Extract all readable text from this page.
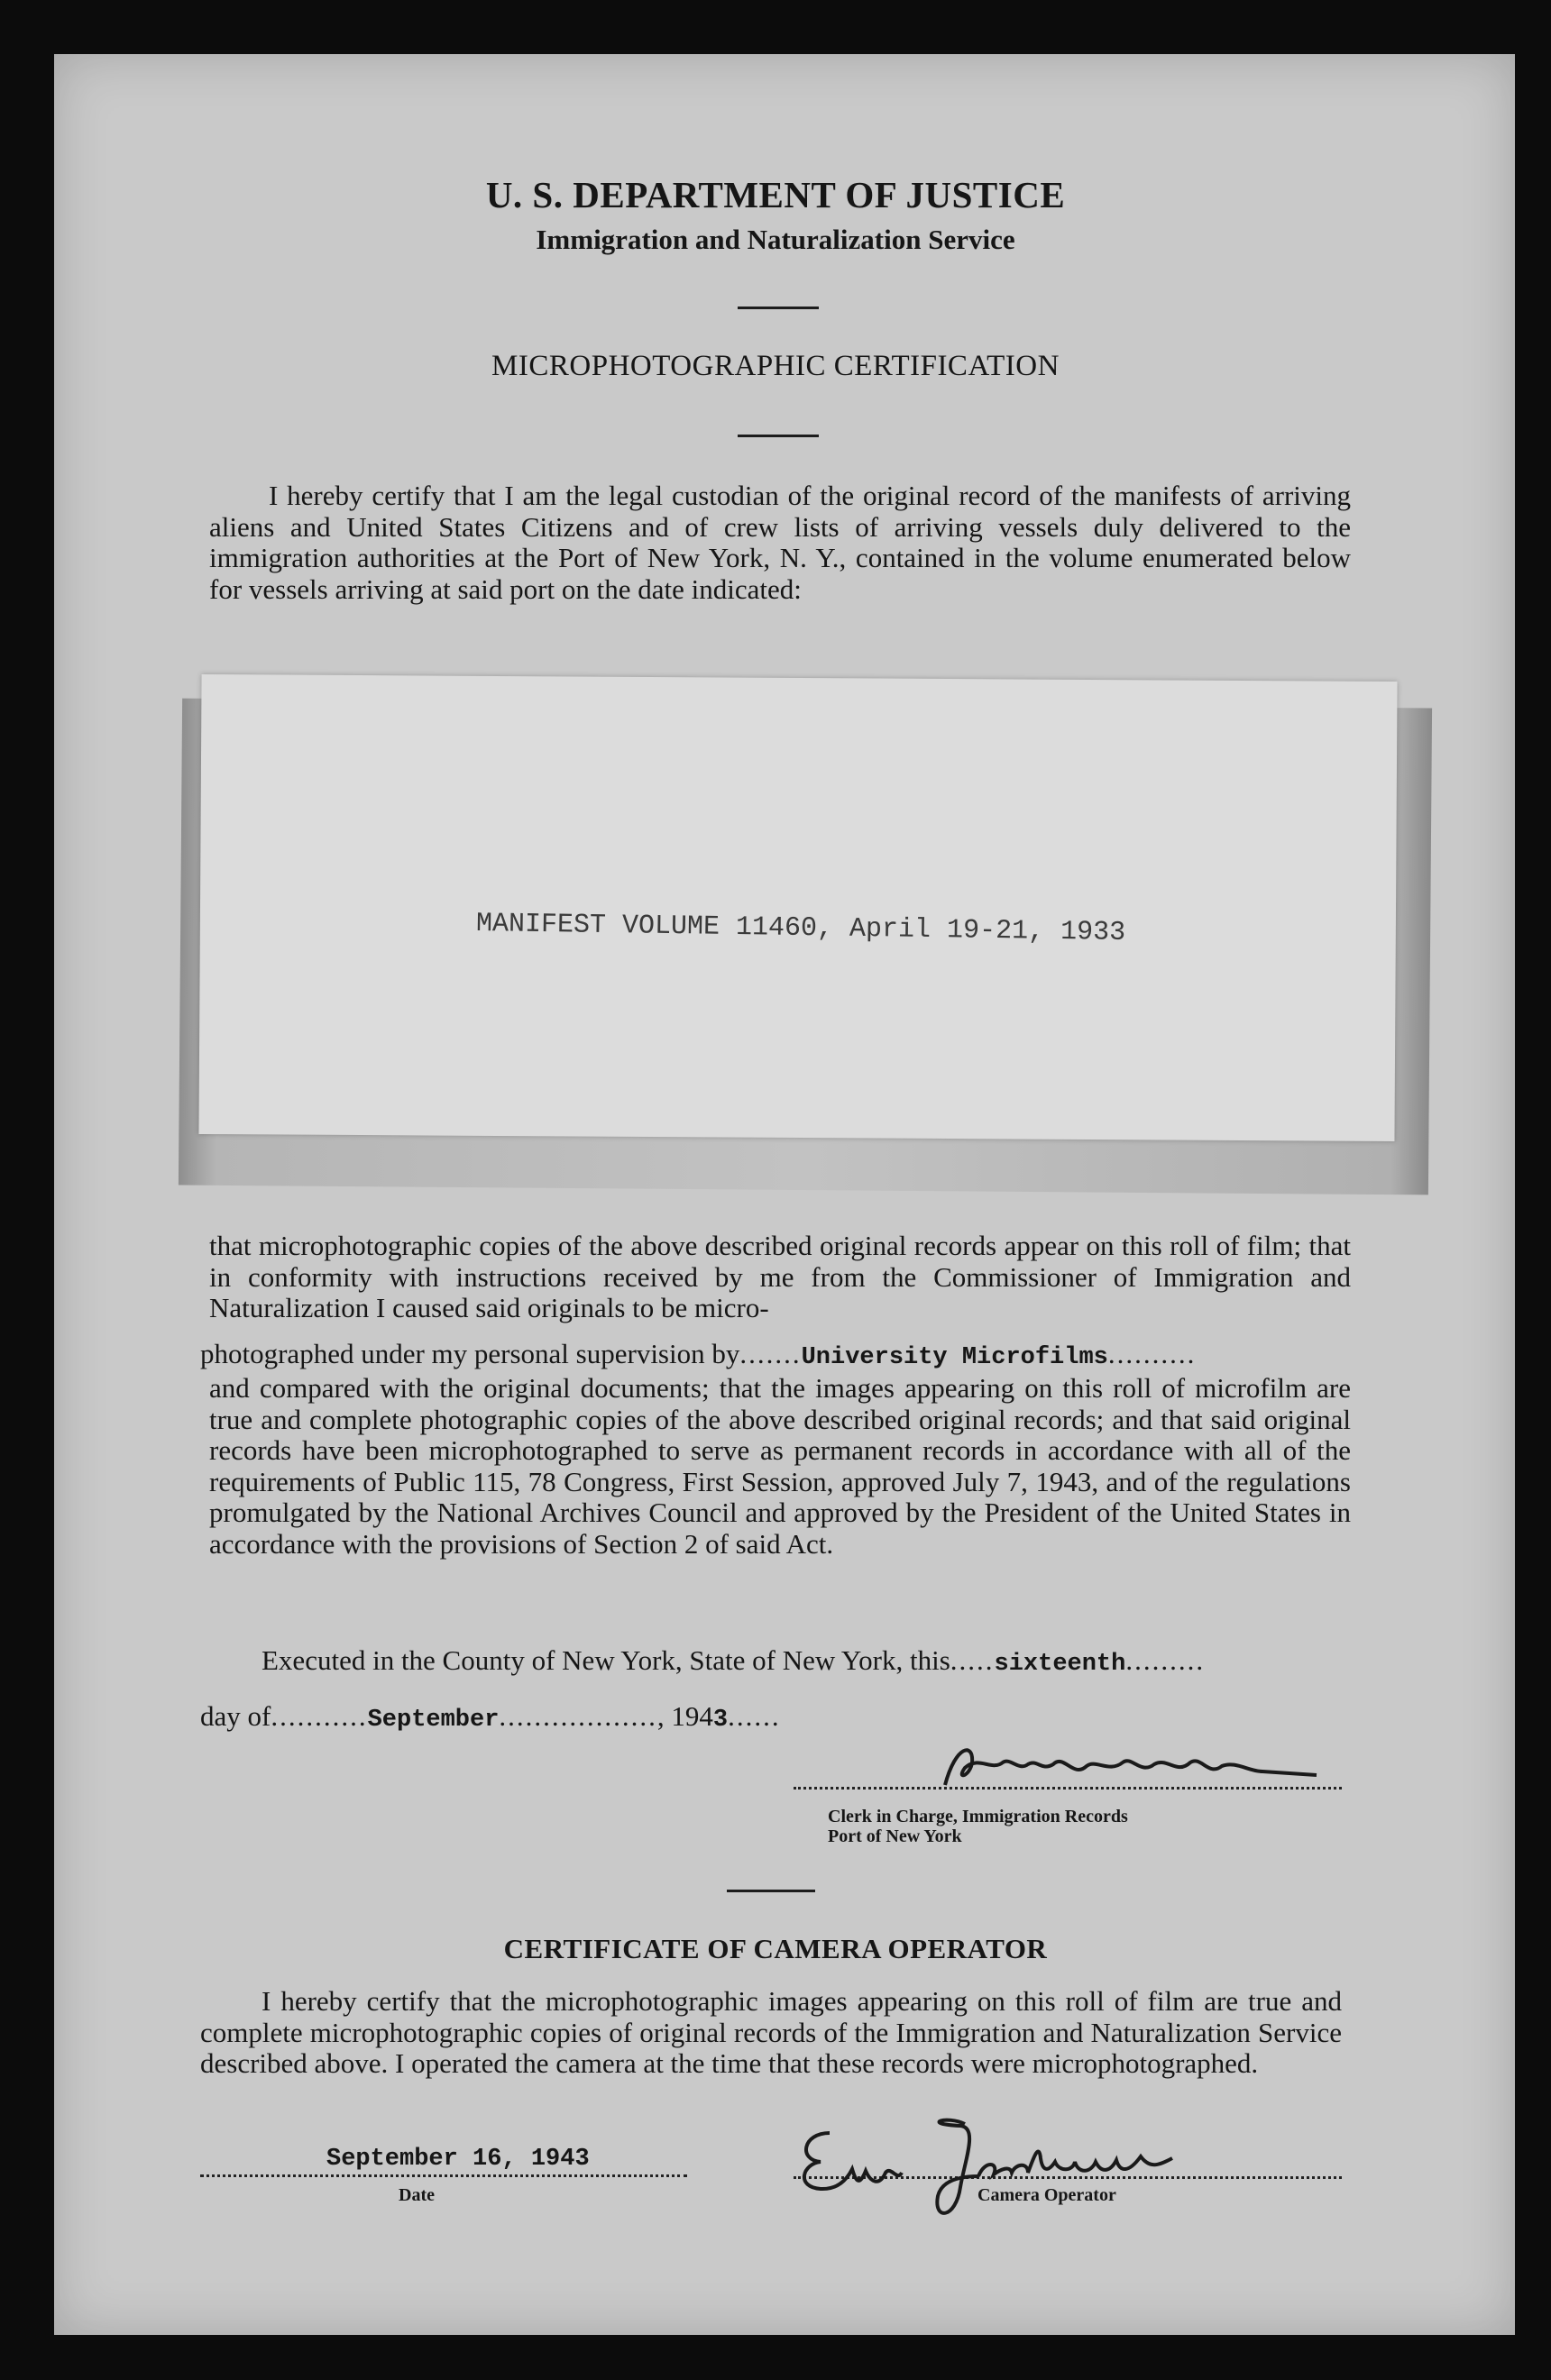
U. S. DEPARTMENT OF JUSTICE
Immigration and Naturalization Service
MICROPHOTOGRAPHIC CERTIFICATION
I hereby certify that I am the legal custodian of the original record of the manifests of arriving aliens and United States Citizens and of crew lists of arriving vessels duly delivered to the immigration authorities at the Port of New York, N. Y., contained in the volume enumerated below for vessels arriving at said port on the date indicated:
MANIFEST VOLUME 11460, April 19-21, 1933
that microphotographic copies of the above described original records appear on this roll of film; that in conformity with instructions received by me from the Commissioner of Immigration and Naturalization I caused said originals to be micro-
photographed under my personal supervision by.......University Microfilms..........
and compared with the original documents; that the images appearing on this roll of microfilm are true and complete photographic copies of the above described original records; and that said original records have been microphotographed to serve as permanent records in accordance with all of the requirements of Public 115, 78 Congress, First Session, approved July 7, 1943, and of the regulations promulgated by the National Archives Council and approved by the President of the United States in accordance with the provisions of Section 2 of said Act.
Executed in the County of New York, State of New York, this.....sixteenth.........
day of...........September.................., 1943......
Clerk in Charge, Immigration Records
Port of New York
CERTIFICATE OF CAMERA OPERATOR
I hereby certify that the microphotographic images appearing on this roll of film are true and complete microphotographic copies of original records of the Immigration and Naturalization Service described above. I operated the camera at the time that these records were microphotographed.
September 16, 1943
Date	Camera Operator
